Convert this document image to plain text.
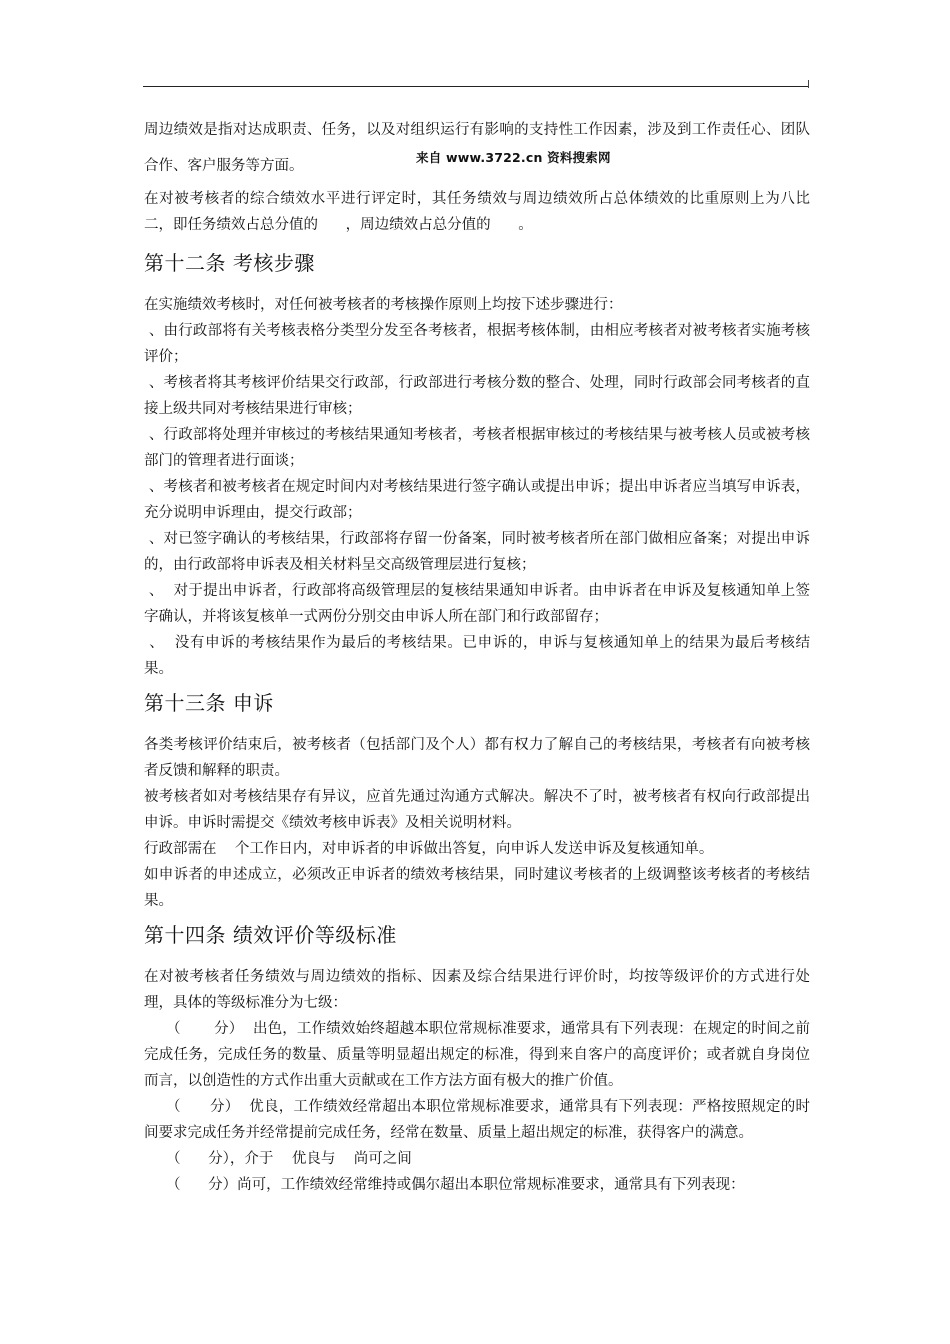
来自 www.3722.cn 资料搜索网

周边绩效是指对达成职责、任务，以及对组织运行有影响的支持性工作因素，涉及到工作责任心、团队合作、客户服务等方面。

在对被考核者的综合绩效水平进行评定时，其任务绩效与周边绩效所占总体绩效的比重原则上为八比二，即任务绩效占总分值的      ，周边绩效占总分值的      。

第十二条 考核步骤

在实施绩效考核时，对任何被考核者的考核操作原则上均按下述步骤进行：

、由行政部将有关考核表格分类型分发至各考核者，根据考核体制，由相应考核者对被考核者实施考核评价；

、考核者将其考核评价结果交行政部，行政部进行考核分数的整合、处理，同时行政部会同考核者的直接上级共同对考核结果进行审核；

、行政部将处理并审核过的考核结果通知考核者，考核者根据审核过的考核结果与被考核人员或被考核部门的管理者进行面谈；

、考核者和被考核者在规定时间内对考核结果进行签字确认或提出申诉；提出申诉者应当填写申诉表，充分说明申诉理由，提交行政部；

、对已签字确认的考核结果，行政部将存留一份备案，同时被考核者所在部门做相应备案；对提出申诉的，由行政部将申诉表及相关材料呈交高级管理层进行复核；

、  对于提出申诉者，行政部将高级管理层的复核结果通知申诉者。由申诉者在申诉及复核通知单上签字确认，并将该复核单一式两份分别交由申诉人所在部门和行政部留存；

、  没有申诉的考核结果作为最后的考核结果。已申诉的，申诉与复核通知单上的结果为最后考核结果。

第十三条 申诉

各类考核评价结束后，被考核者（包括部门及个人）都有权力了解自己的考核结果，考核者有向被考核者反馈和解释的职责。

被考核者如对考核结果存有异议，应首先通过沟通方式解决。解决不了时，被考核者有权向行政部提出申诉。申诉时需提交《绩效考核申诉表》及相关说明材料。

行政部需在    个工作日内，对申诉者的申诉做出答复，向申诉人发送申诉及复核通知单。

如申诉者的申述成立，必须改正申诉者的绩效考核结果，同时建议考核者的上级调整该考核者的考核结果。

第十四条 绩效评价等级标准

在对被考核者任务绩效与周边绩效的指标、因素及综合结果进行评价时，均按等级评价的方式进行处理，具体的等级标准分为七级：

（       分）  出色，工作绩效始终超越本职位常规标准要求，通常具有下列表现：在规定的时间之前完成任务，完成任务的数量、质量等明显超出规定的标准，得到来自客户的高度评价；或者就自身岗位而言，以创造性的方式作出重大贡献或在工作方法方面有极大的推广价值。

（      分）  优良，工作绩效经常超出本职位常规标准要求，通常具有下列表现：严格按照规定的时间要求完成任务并经常提前完成任务，经常在数量、质量上超出规定的标准，获得客户的满意。

（      分），介于    优良与    尚可之间

（      分）尚可，工作绩效经常维持或偶尔超出本职位常规标准要求，通常具有下列表现：
